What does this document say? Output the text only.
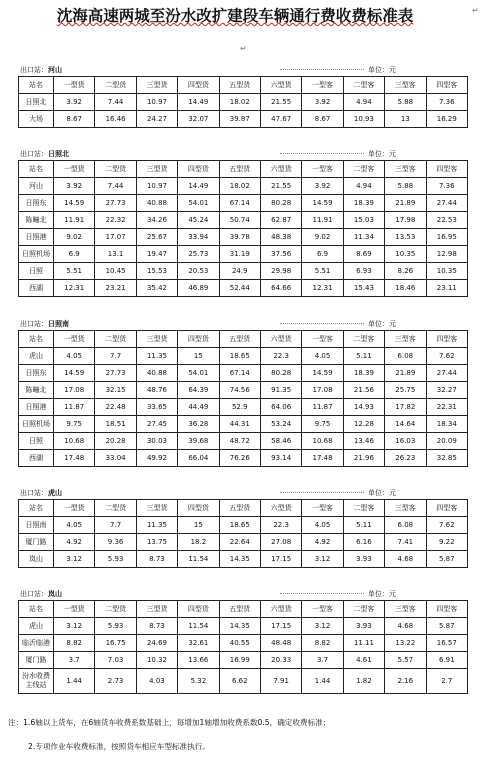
沈海高速两城至汾水改扩建段车辆通行费收费标准表	↵
↵
出口站：河山	单位：元
站名	一型货	二型货	三型货	四型货	五型货	六型货	一型客	二型客	三型客	四型客
日照北	3.92	7.44	10.97	14.49	18.02	21.55	3.92	4.94	5.88	7.36
大场	8.67	16.46	24.27	32.07	39.87	47.67	8.67	10.93	13	16.29
出口站：日照北	单位：元
站名	一型货	二型货	三型货	四型货	五型货	六型货	一型客	二型客	三型客	四型客
河山	3.92	7.44	10.97	14.49	18.02	21.55	3.92	4.94	5.88	7.36
日照东	14.59	27.73	40.88	54.01	67.14	80.28	14.59	18.39	21.89	27.44
陈疃北	11.91	22.32	34.26	45.24	50.74	62.87	11.91	15.03	17.98	22.53
日照港	9.02	17.07	25.67	33.94	39.78	48.38	9.02	11.34	13.53	16.95
日照机场	6.9	13.1	19.47	25.73	31.19	37.56	6.9	8.69	10.35	12.98
日照	5.51	10.45	15.53	20.53	24.9	29.98	5.51	6.93	8.26	10.35
西湖	12.31	23.21	35.42	46.89	52.44	64.66	12.31	15.43	18.46	23.11
出口站：日照南	单位：元
站名	一型货	二型货	三型货	四型货	五型货	六型货	一型客	二型客	三型客	四型客
虎山	4.05	7.7	11.35	15	18.65	22.3	4.05	5.11	6.08	7.62
日照东	14.59	27.73	40.88	54.01	67.14	80.28	14.59	18.39	21.89	27.44
陈疃北	17.08	32.15	48.76	64.39	74.56	91.35	17.08	21.56	25.75	32.27
日照港	11.87	22.48	33.65	44.49	52.9	64.06	11.87	14.93	17.82	22.31
日照机场	9.75	18.51	27.45	36.28	44.31	53.24	9.75	12.28	14.64	18.34
日照	10.68	20.28	30.03	39.68	48.72	58.46	10.68	13.46	16.03	20.09
西湖	17.48	33.04	49.92	66.04	76.26	93.14	17.48	21.96	26.23	32.85
出口站：虎山	单位：元
站名	一型货	二型货	三型货	四型货	五型货	六型货	一型客	二型客	三型客	四型客
日照南	4.05	7.7	11.35	15	18.65	22.3	4.05	5.11	6.08	7.62
厦门路	4.92	9.36	13.75	18.2	22.64	27.08	4.92	6.16	7.41	9.22
岚山	3.12	5.93	8.73	11.54	14.35	17.15	3.12	3.93	4.68	5.87
出口站：岚山	单位：元
站名	一型货	二型货	三型货	四型货	五型货	六型货	一型客	二型客	三型客	四型客
虎山	3.12	5.93	8.73	11.54	14.35	17.15	3.12	3.93	4.68	5.87
临沂临港	8.82	16.75	24.69	32.61	40.55	48.48	8.82	11.11	13.22	16.57
厦门路	3.7	7.03	10.32	13.66	16.99	20.33	3.7	4.61	5.57	6.91
汾水收费主线站	1.44	2.73	4.03	5.32	6.62	7.91	1.44	1.82	2.16	2.7
注：1.6轴以上货车，在6轴货车收费系数基础上，每增加1轴增加收费系数0.5，确定收费标准；
2.专项作业车收费标准，按照货车相应车型标准执行。
